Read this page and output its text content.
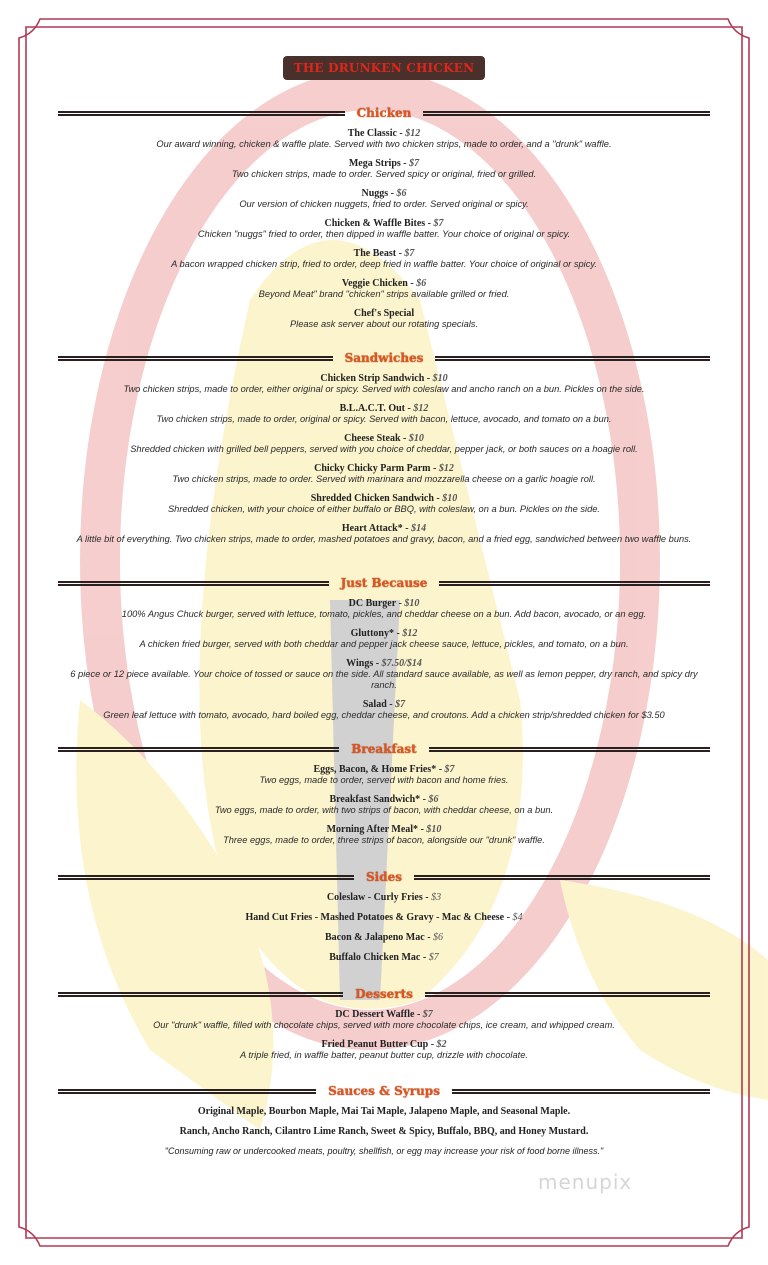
THE DRUNKEN CHICKEN
Chicken
The Classic - $12
Our award winning, chicken & waffle plate. Served with two chicken strips, made to order, and a "drunk" waffle.
Mega Strips - $7
Two chicken strips, made to order. Served spicy or original, fried or grilled.
Nuggs - $6
Our version of chicken nuggets, fried to order. Served original or spicy.
Chicken & Waffle Bites - $7
Chicken "nuggs" fried to order, then dipped in waffle batter. Your choice of original or spicy.
The Beast - $7
A bacon wrapped chicken strip, fried to order, deep fried in waffle batter. Your choice of original or spicy.
Veggie Chicken - $6
Beyond Meat" brand "chicken" strips available grilled or fried.
Chef's Special
Please ask server about our rotating specials.
Sandwiches
Chicken Strip Sandwich - $10
Two chicken strips, made to order, either original or spicy. Served with coleslaw and ancho ranch on a bun. Pickles on the side.
B.L.A.C.T. Out - $12
Two chicken strips, made to order, original or spicy. Served with bacon, lettuce, avocado, and tomato on a bun.
Cheese Steak - $10
Shredded chicken with grilled bell peppers, served with you choice of cheddar, pepper jack, or both sauces on a hoagie roll.
Chicky Chicky Parm Parm - $12
Two chicken strips, made to order. Served with marinara and mozzarella cheese on a garlic hoagie roll.
Shredded Chicken Sandwich - $10
Shredded chicken, with your choice of either buffalo or BBQ, with coleslaw, on a bun. Pickles on the side.
Heart Attack* - $14
A little bit of everything. Two chicken strips, made to order, mashed potatoes and gravy, bacon, and a fried egg, sandwiched between two waffle buns.
Just Because
DC Burger - $10
100% Angus Chuck burger, served with lettuce, tomato, pickles, and cheddar cheese on a bun. Add bacon, avocado, or an egg.
Gluttony* - $12
A chicken fried burger, served with both cheddar and pepper jack cheese sauce, lettuce, pickles, and tomato, on a bun.
Wings - $7.50/$14
6 piece or 12 piece available. Your choice of tossed or sauce on the side. All standard sauce available, as well as lemon pepper, dry ranch, and spicy dry ranch.
Salad - $7
Green leaf lettuce with tomato, avocado, hard boiled egg, cheddar cheese, and croutons. Add a chicken strip/shredded chicken for $3.50
Breakfast
Eggs, Bacon, & Home Fries* - $7
Two eggs, made to order, served with bacon and home fries.
Breakfast Sandwich* - $6
Two eggs, made to order, with two strips of bacon, with cheddar cheese, on a bun.
Morning After Meal* - $10
Three eggs, made to order, three strips of bacon, alongside our "drunk" waffle.
Sides
Coleslaw - Curly Fries - $3
Hand Cut Fries - Mashed Potatoes & Gravy - Mac & Cheese - $4
Bacon & Jalapeno Mac - $6
Buffalo Chicken Mac - $7
Desserts
DC Dessert Waffle - $7
Our "drunk" waffle, filled with chocolate chips, served with more chocolate chips, ice cream, and whipped cream.
Fried Peanut Butter Cup - $2
A triple fried, in waffle batter, peanut butter cup, drizzle with chocolate.
Sauces & Syrups
Original Maple, Bourbon Maple, Mai Tai Maple, Jalapeno Maple, and Seasonal Maple.
Ranch, Ancho Ranch, Cilantro Lime Ranch, Sweet & Spicy, Buffalo, BBQ, and Honey Mustard.
"Consuming raw or undercooked meats, poultry, shellfish, or egg may increase your risk of food borne illness."
menupix
